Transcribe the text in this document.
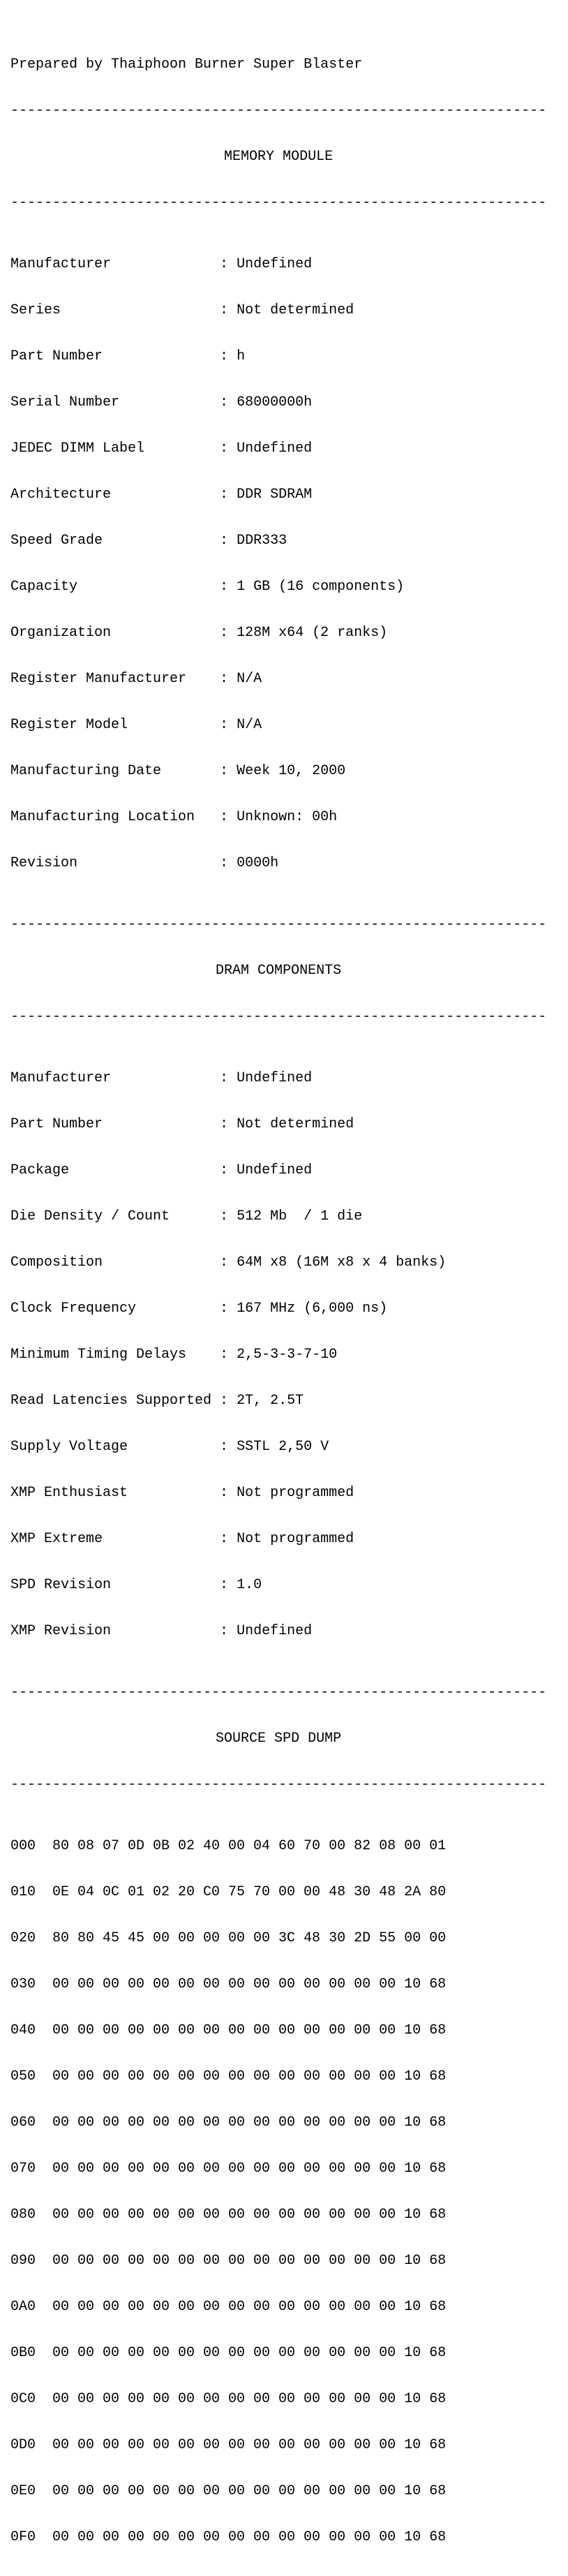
Prepared by Thaiphoon Burner Super Blaster

----------------------------------------------------------------

MEMORY MODULE

----------------------------------------------------------------

Manufacturer	: Undefined

Series	: Not determined

Part Number	: h

Serial Number	: 68000000h

JEDEC DIMM Label	: Undefined

Architecture	: DDR SDRAM

Speed Grade	: DDR333

Capacity	: 1 GB (16 components)

Organization	: 128M x64 (2 ranks)

Register Manufacturer : N/A

Register Model	: N/A

Manufacturing Date	: Week 10, 2000

Manufacturing Location : Unknown: 00h

Revision	: 0000h

----------------------------------------------------------------

DRAM COMPONENTS

----------------------------------------------------------------

Manufacturer	: Undefined

Part Number	: Not determined

Package	: Undefined

Die Density / Count	: 512 Mb  / 1 die

Composition	: 64M x8 (16M x8 x 4 banks)

Clock Frequency	: 167 MHz (6,000 ns)

Minimum Timing Delays : 2,5-3-3-7-10

Read Latencies Supported : 2T, 2.5T

Supply Voltage	: SSTL 2,50 V

XMP Enthusiast	: Not programmed

XMP Extreme	: Not programmed

SPD Revision	: 1.0

XMP Revision	: Undefined

----------------------------------------------------------------

SOURCE SPD DUMP

----------------------------------------------------------------

000 80 08 07 0D 0B 02 40 00 04 60 70 00 82 08 00 01

010 0E 04 0C 01 02 20 C0 75 70 00 00 48 30 48 2A 80

020 80 80 45 45 00 00 00 00 00 3C 48 30 2D 55 00 00

030 00 00 00 00 00 00 00 00 00 00 00 00 00 00 10 68

040 00 00 00 00 00 00 00 00 00 00 00 00 00 00 10 68

050 00 00 00 00 00 00 00 00 00 00 00 00 00 00 10 68

060 00 00 00 00 00 00 00 00 00 00 00 00 00 00 10 68

070 00 00 00 00 00 00 00 00 00 00 00 00 00 00 10 68

080 00 00 00 00 00 00 00 00 00 00 00 00 00 00 10 68

090 00 00 00 00 00 00 00 00 00 00 00 00 00 00 10 68

0A0 00 00 00 00 00 00 00 00 00 00 00 00 00 00 10 68

0B0 00 00 00 00 00 00 00 00 00 00 00 00 00 00 10 68

0C0 00 00 00 00 00 00 00 00 00 00 00 00 00 00 10 68

0D0 00 00 00 00 00 00 00 00 00 00 00 00 00 00 10 68

0E0 00 00 00 00 00 00 00 00 00 00 00 00 00 00 10 68

0F0 00 00 00 00 00 00 00 00 00 00 00 00 00 00 10 68
